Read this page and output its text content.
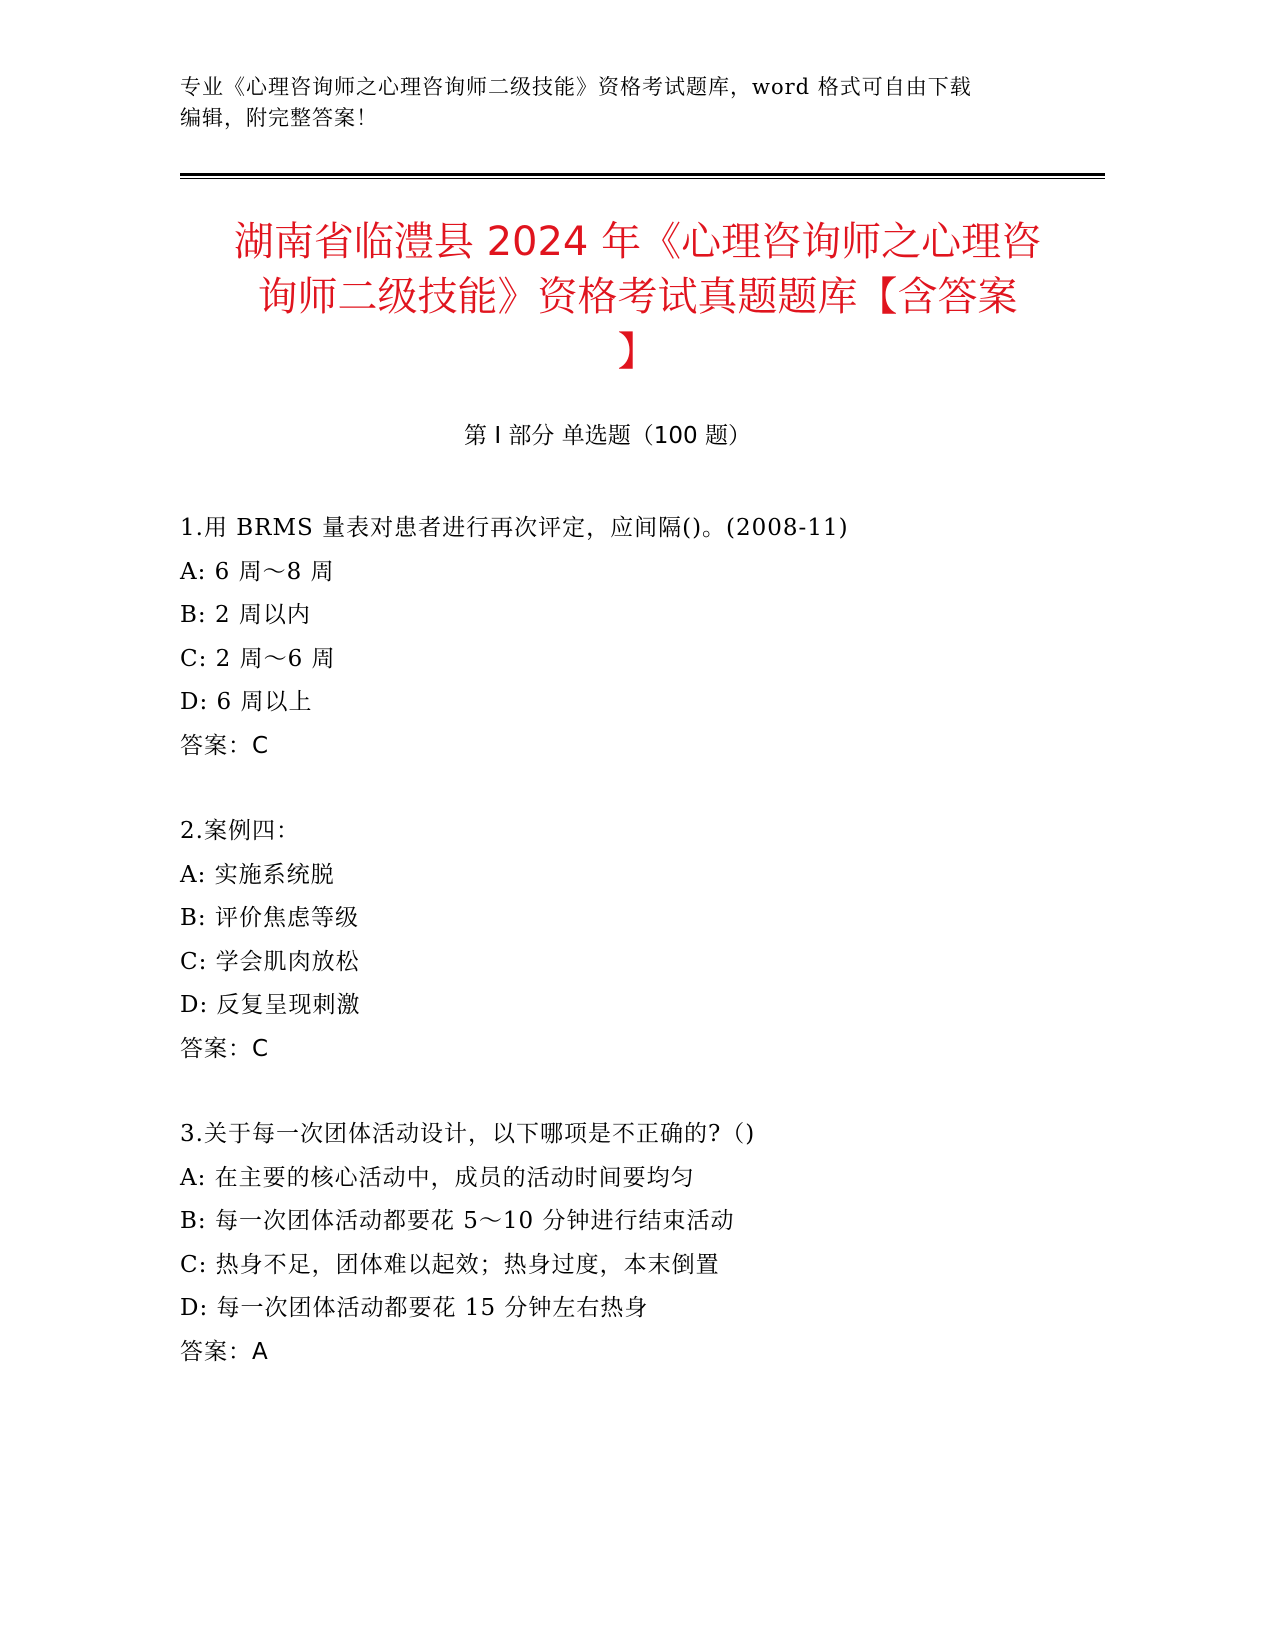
专业《心理咨询师之心理咨询师二级技能》资格考试题库，word 格式可自由下载
编辑，附完整答案！
湖南省临澧县 2024 年《心理咨询师之心理咨
询师二级技能》资格考试真题题库【含答案
】
第 I 部分 单选题（100 题）
1.用 BRMS 量表对患者进行再次评定，应间隔()。(2008-11)
A: 6 周～8 周
B: 2 周以内
C: 2 周～6 周
D: 6 周以上
答案：C
2.案例四：
A: 实施系统脱
B: 评价焦虑等级
C: 学会肌肉放松
D: 反复呈现刺激
答案：C
3.关于每一次团体活动设计，以下哪项是不正确的?（)
A: 在主要的核心活动中，成员的活动时间要均匀
B: 每一次团体活动都要花 5～10 分钟进行结束活动
C: 热身不足，团体难以起效；热身过度，本末倒置
D: 每一次团体活动都要花 15 分钟左右热身
答案：A
